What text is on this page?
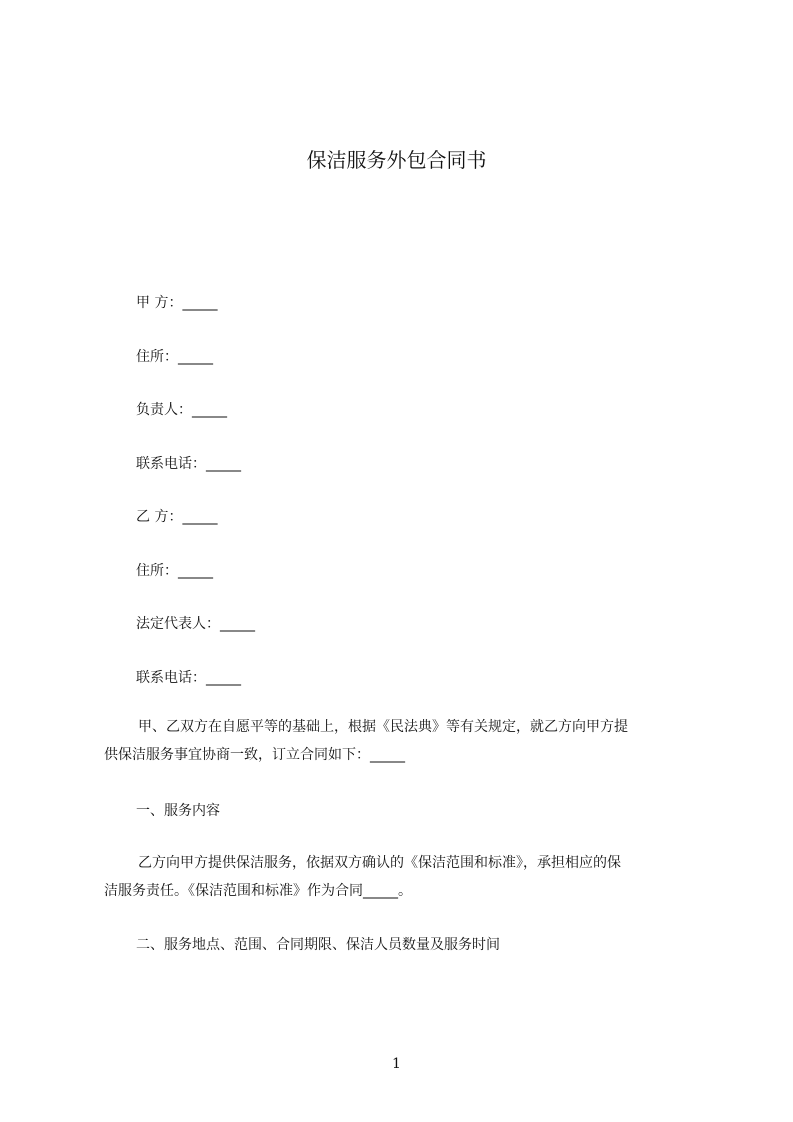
保洁服务外包合同书
甲 方：_____
住所：_____
负责人：_____
联系电话：_____
乙 方：_____
住所：_____
法定代表人：_____
联系电话：_____
甲、乙双方在自愿平等的基础上，根据《民法典》等有关规定，就乙方向甲方提
供保洁服务事宜协商一致，订立合同如下：_____
一、服务内容
乙方向甲方提供保洁服务，依据双方确认的《保洁范围和标准》，承担相应的保
洁服务责任。《保洁范围和标准》作为合同_____。
二、服务地点、范围、合同期限、保洁人员数量及服务时间
1
